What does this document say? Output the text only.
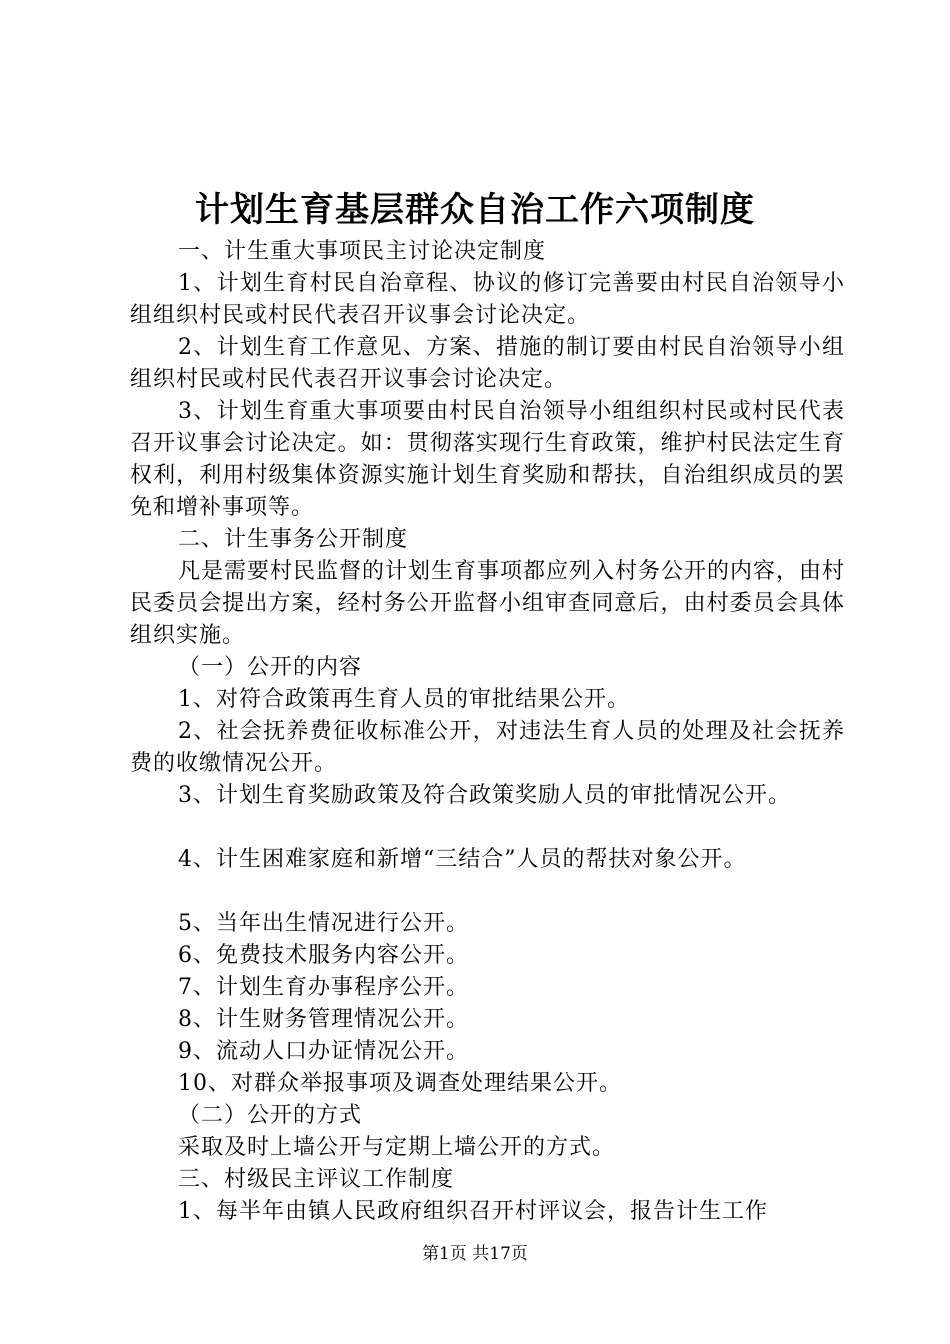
计划生育基层群众自治工作六项制度

一、计生重大事项民主讨论决定制度

1、计划生育村民自治章程、协议的修订完善要由村民自治领导小组组织村民或村民代表召开议事会讨论决定。

2、计划生育工作意见、方案、措施的制订要由村民自治领导小组组织村民或村民代表召开议事会讨论决定。

3、计划生育重大事项要由村民自治领导小组组织村民或村民代表召开议事会讨论决定。如：贯彻落实现行生育政策，维护村民法定生育权利，利用村级集体资源实施计划生育奖励和帮扶，自治组织成员的罢免和增补事项等。

二、计生事务公开制度

凡是需要村民监督的计划生育事项都应列入村务公开的内容，由村民委员会提出方案，经村务公开监督小组审查同意后，由村委员会具体组织实施。

（一）公开的内容

1、对符合政策再生育人员的审批结果公开。

2、社会抚养费征收标准公开，对违法生育人员的处理及社会抚养费的收缴情况公开。

3、计划生育奖励政策及符合政策奖励人员的审批情况公开。

4、计生困难家庭和新增“三结合”人员的帮扶对象公开。

5、当年出生情况进行公开。

6、免费技术服务内容公开。

7、计划生育办事程序公开。

8、计生财务管理情况公开。

9、流动人口办证情况公开。

10、对群众举报事项及调查处理结果公开。

（二）公开的方式

采取及时上墙公开与定期上墙公开的方式。

三、村级民主评议工作制度

1、每半年由镇人民政府组织召开村评议会，报告计生工作

第1页 共17页
